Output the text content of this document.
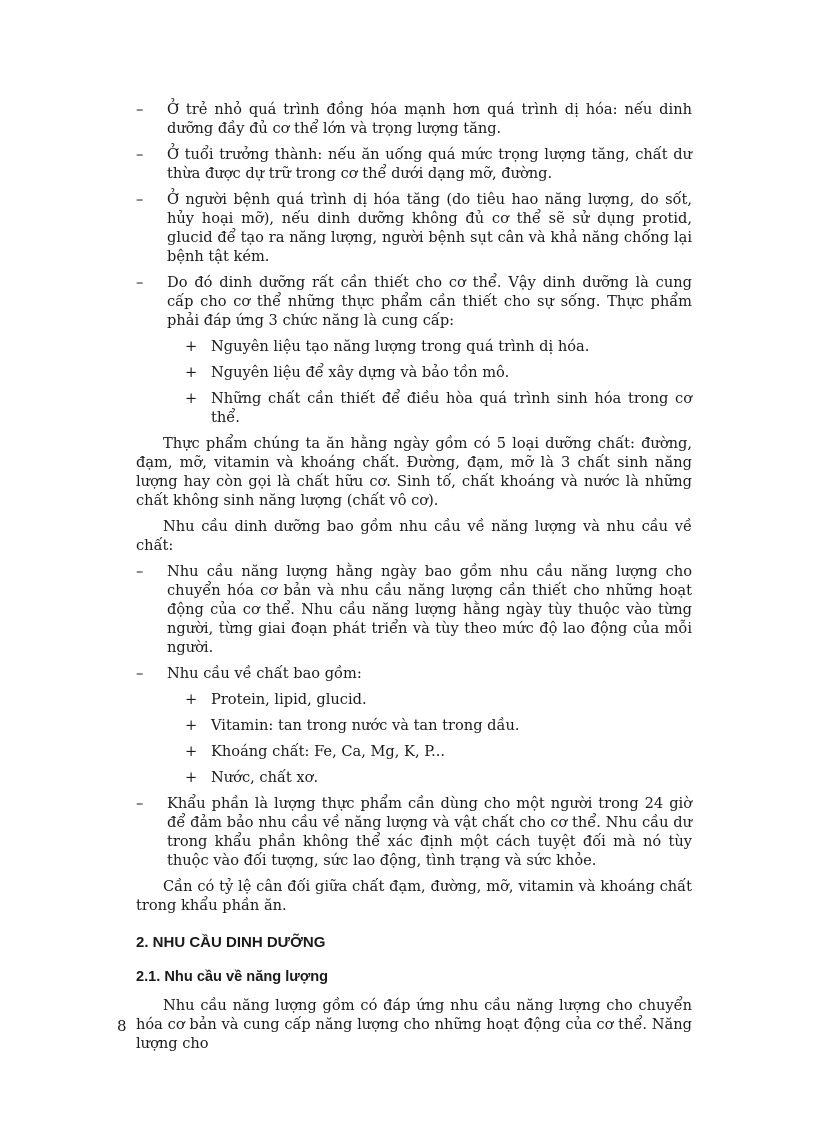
–	Ở trẻ nhỏ quá trình đồng hóa mạnh hơn quá trình dị hóa: nếu dinh dưỡng đầy đủ cơ thể lớn và trọng lượng tăng.
–	Ở tuổi trưởng thành: nếu ăn uống quá mức trọng lượng tăng, chất dư thừa được dự trữ trong cơ thể dưới dạng mỡ, đường.
–	Ở người bệnh quá trình dị hóa tăng (do tiêu hao năng lượng, do sốt, hủy hoại mỡ), nếu dinh dưỡng không đủ cơ thể sẽ sử dụng protid, glucid để tạo ra năng lượng, người bệnh sụt cân và khả năng chống lại bệnh tật kém.
–	Do đó dinh dưỡng rất cần thiết cho cơ thể. Vậy dinh dưỡng là cung cấp cho cơ thể những thực phẩm cần thiết cho sự sống. Thực phẩm phải đáp ứng 3 chức năng là cung cấp:
+ Nguyên liệu tạo năng lượng trong quá trình dị hóa.
+ Nguyên liệu để xây dựng và bảo tồn mô.
+ Những chất cần thiết để điều hòa quá trình sinh hóa trong cơ thể.

Thực phẩm chúng ta ăn hằng ngày gồm có 5 loại dưỡng chất: đường, đạm, mỡ, vitamin và khoáng chất. Đường, đạm, mỡ là 3 chất sinh năng lượng hay còn gọi là chất hữu cơ. Sinh tố, chất khoáng và nước là những chất không sinh năng lượng (chất vô cơ).

Nhu cầu dinh dưỡng bao gồm nhu cầu về năng lượng và nhu cầu về chất:

–	Nhu cầu năng lượng hằng ngày bao gồm nhu cầu năng lượng cho chuyển hóa cơ bản và nhu cầu năng lượng cần thiết cho những hoạt động của cơ thể. Nhu cầu năng lượng hằng ngày tùy thuộc vào từng người, từng giai đoạn phát triển và tùy theo mức độ lao động của mỗi người.
–	Nhu cầu về chất bao gồm:
+ Protein, lipid, glucid.
+ Vitamin: tan trong nước và tan trong dầu.
+ Khoáng chất: Fe, Ca, Mg, K, P...
+ Nước, chất xơ.
–	Khẩu phần là lượng thực phẩm cần dùng cho một người trong 24 giờ để đảm bảo nhu cầu về năng lượng và vật chất cho cơ thể. Nhu cầu dư trong khẩu phần không thể xác định một cách tuyệt đối mà nó tùy thuộc vào đối tượng, sức lao động, tình trạng và sức khỏe.

Cần có tỷ lệ cân đối giữa chất đạm, đường, mỡ, vitamin và khoáng chất trong khẩu phần ăn.

2. NHU CẦU DINH DƯỠNG
2.1. Nhu cầu về năng lượng

Nhu cầu năng lượng gồm có đáp ứng nhu cầu năng lượng cho chuyển hóa cơ bản và cung cấp năng lượng cho những hoạt động của cơ thể. Năng lượng cho

8
